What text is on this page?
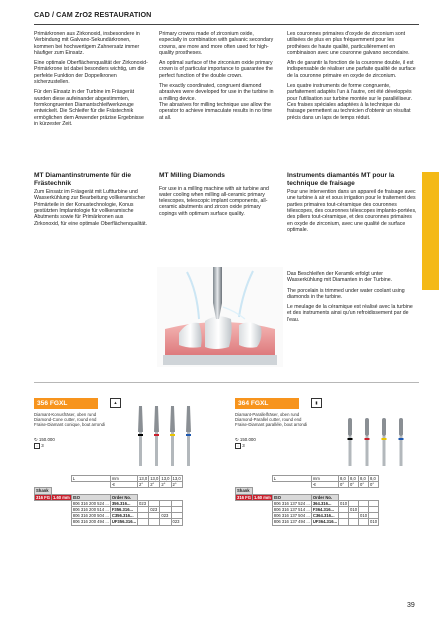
CAD / CAM ZrO2 RESTAURATION

Primärkronen aus Zirkonoxid, insbesondere in Verbindung mit Galvano-Sekundärkronen, kommen bei hochwertigem Zahnersatz immer häufiger zum Einsatz.

Eine optimale Oberflächenqualität der Zirkonoxid-Primärkrone ist dabei besonders wichtig, um die perfekte Funktion der Doppelkronen sicherzustellen.

Für den Einsatz in der Turbine im Fräsgerät wurden diese aufeinander abgestimmten, formkongruenten Diamantschleifwerkzeuge entwickelt. Die Schleifer für die Frästechnik ermöglichen dem Anwender präzise Ergebnisse in kürzester Zeit.

Primary crowns made of zirconium oxide, especially in combination with galvanic secondary crowns, are more and more often used for high-quality prostheses.

An optimal surface of the zirconium oxide primary crown is of particular importance to guarantee the perfect function of the double crown.

The exactly coordinated, congruent diamond abrasives were developed for use in the turbine in a milling device.

The abrasives for milling technique use allow the operator to achieve immaculate results in no time at all.

Les couronnes primaires d'oxyde de zirconium sont utilisées de plus en plus fréquemment pour les prothèses de haute qualité, particulièrement en combinaison avec une couronne galvano secondaire.

Afin de garantir la fonction de la couronne double, il est indispensable de réaliser une parfaite qualité de surface de la couronne primaire en oxyde de zirconium.

Les quatre instruments de forme congruente, parfaitement adaptés l'un à l'autre, ont été développés pour l'utilisation sur turbine montée sur le paralléliseur. Ces fraises spéciales adaptées à la technique du fraisage permettent au technicien d'obtenir un résultat précis dans un laps de temps réduit.

MT Diamantinstrumente für die Frästechnik
Zum Einsatz im Fräsgerät mit Luftturbine und Wasserkühlung zur Bearbeitung vollkeramischer Primärteile in der Konustechnologie, Konus gestützten Implantologie für vollkeramische Abutments sowie für Primärkronen aus Zirkonoxid, für eine optimale Oberflächenqualität.
MT Milling Diamonds
For use in a milling machine with air turbine and water cooling when milling all-ceramic primary telescopes, telescopic implant components, all-ceramic abutments and zircon oxide primary copings with optimum surface quality.
Instruments diamantés MT pour la technique de fraisage
Pour une intervention dans un appareil de fraisage avec une turbine à air et sous irrigation pour le traitement des parties primaires tout-céramique des couronnes télescopes, des couronnes télescopes implanto-portées, des piliers tout-céramique, et des couronnes primaires en oxyde de zirconium, avec une qualité de surface optimale.

Das Beschleifen der Keramik erfolgt unter Wasserkühlung mit Diamanten in der Turbine.

The porcelain is trimmed under water coolant using diamonds in the turbine.

Le meulage de la céramique est réalisé avec la turbine et des instruments ainsi qu'un refroidissement par de l'eau.

356 FGXL	▲
Diamant-Konusfräser, oben rund
Diamond-Cone cutter, round end
Fraise-Diamant conique, bout arrondi
↻ 150.000
▫ 3
		L	mm	13,0	13,0	13,0	13,0
			∢	2°	2°	2°	2°
Shank							
316 FG	1.60 mm	ISO	Order No.				
		806 316 200 524 ...	356.316...	023			
		806 316 200 514 ...	F356.316...		023		
		806 316 200 504 ...	C356.316...			023	
		806 316 200 494 ...	UF356.316...				023
364 FGXL	▮
Diamant-Parallelfräser, oben rund
Diamond-Parallel cutter, round end
Fraise-Diamant parallèle, bout arrondi
↻ 150.000
▫ 3
		L	mm	8,0	8,0	8,0	8,0
			∢	0°	0°	0°	0°
Shank							
316 FG	1.60 mm	ISO	Order No.				
		806 316 137 524 ...	364.316...	010			
		806 316 137 514 ...	F364.316...		010		
		806 316 137 504 ...	C364.316...			010	
		806 316 137 494 ...	UF364.316...				010
39
